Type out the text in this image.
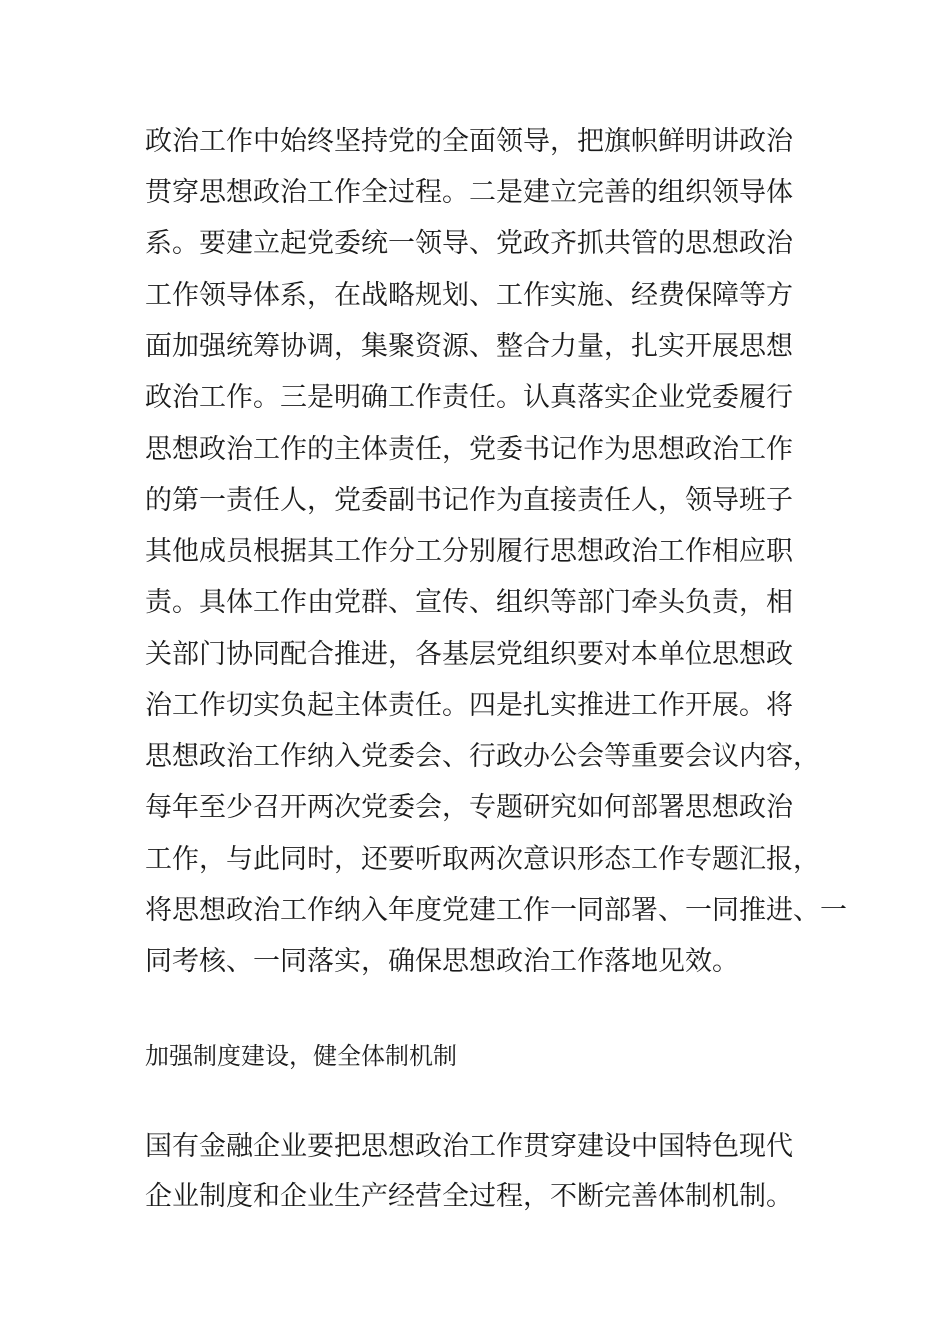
政治工作中始终坚持党的全面领导，把旗帜鲜明讲政治
贯穿思想政治工作全过程。二是建立完善的组织领导体
系。要建立起党委统一领导、党政齐抓共管的思想政治
工作领导体系，在战略规划、工作实施、经费保障等方
面加强统筹协调，集聚资源、整合力量，扎实开展思想
政治工作。三是明确工作责任。认真落实企业党委履行
思想政治工作的主体责任，党委书记作为思想政治工作
的第一责任人，党委副书记作为直接责任人，领导班子
其他成员根据其工作分工分别履行思想政治工作相应职
责。具体工作由党群、宣传、组织等部门牵头负责，相
关部门协同配合推进，各基层党组织要对本单位思想政
治工作切实负起主体责任。四是扎实推进工作开展。将
思想政治工作纳入党委会、行政办公会等重要会议内容，
每年至少召开两次党委会，专题研究如何部署思想政治
工作，与此同时，还要听取两次意识形态工作专题汇报，
将思想政治工作纳入年度党建工作一同部署、一同推进、一
同考核、一同落实，确保思想政治工作落地见效。
加强制度建设，健全体制机制
国有金融企业要把思想政治工作贯穿建设中国特色现代
企业制度和企业生产经营全过程，不断完善体制机制。
